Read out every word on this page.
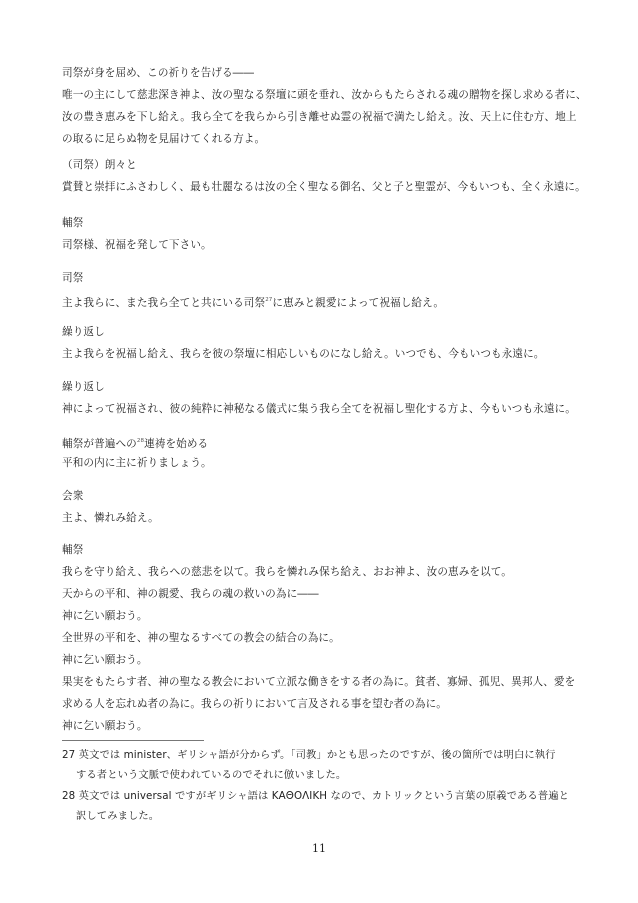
司祭が身を屈め、この祈りを告げる――
唯一の主にして慈悲深き神よ、汝の聖なる祭壇に頭を垂れ、汝からもたらされる魂の贈物を探し求める者に、
汝の豊き恵みを下し給え。我ら全てを我らから引き離せぬ霊の祝福で満たし給え。汝、天上に住む方、地上
の取るに足らぬ物を見届けてくれる方よ。
（司祭）朗々と
賞賛と崇拝にふさわしく、最も壮麗なるは汝の全く聖なる御名、父と子と聖霊が、今もいつも、全く永遠に。
輔祭
司祭様、祝福を発して下さい。
司祭
主よ我らに、また我ら全てと共にいる司祭$^{27}$に恵みと親愛によって祝福し給え。
繰り返し
主よ我らを祝福し給え、我らを彼の祭壇に相応しいものになし給え。いつでも、今もいつも永遠に。
繰り返し
神によって祝福され、彼の純粋に神秘なる儀式に集う我ら全てを祝福し聖化する方よ、今もいつも永遠に。
輔祭が普遍への$^{28}$連祷を始める
平和の内に主に祈りましょう。
会衆
主よ、憐れみ給え。
輔祭
我らを守り給え、我らへの慈悲を以て。我らを憐れみ保ち給え、おお神よ、汝の恵みを以て。
天からの平和、神の親愛、我らの魂の救いの為に――
神に乞い願おう。
全世界の平和を、神の聖なるすべての教会の結合の為に。
神に乞い願おう。
果実をもたらす者、神の聖なる教会において立派な働きをする者の為に。貧者、寡婦、孤児、異邦人、愛を
求める人を忘れぬ者の為に。我らの祈りにおいて言及される事を望む者の為に。
神に乞い願おう。
27 英文では minister、ギリシャ語が分からず。「司教」かとも思ったのですが、後の箇所では明白に執行
する者という文脈で使われているのでそれに倣いました。
28 英文では universal ですがギリシャ語は ΚΑΘΟΛΙΚΗ なので、カトリックという言葉の原義である普遍と
訳してみました。
11
